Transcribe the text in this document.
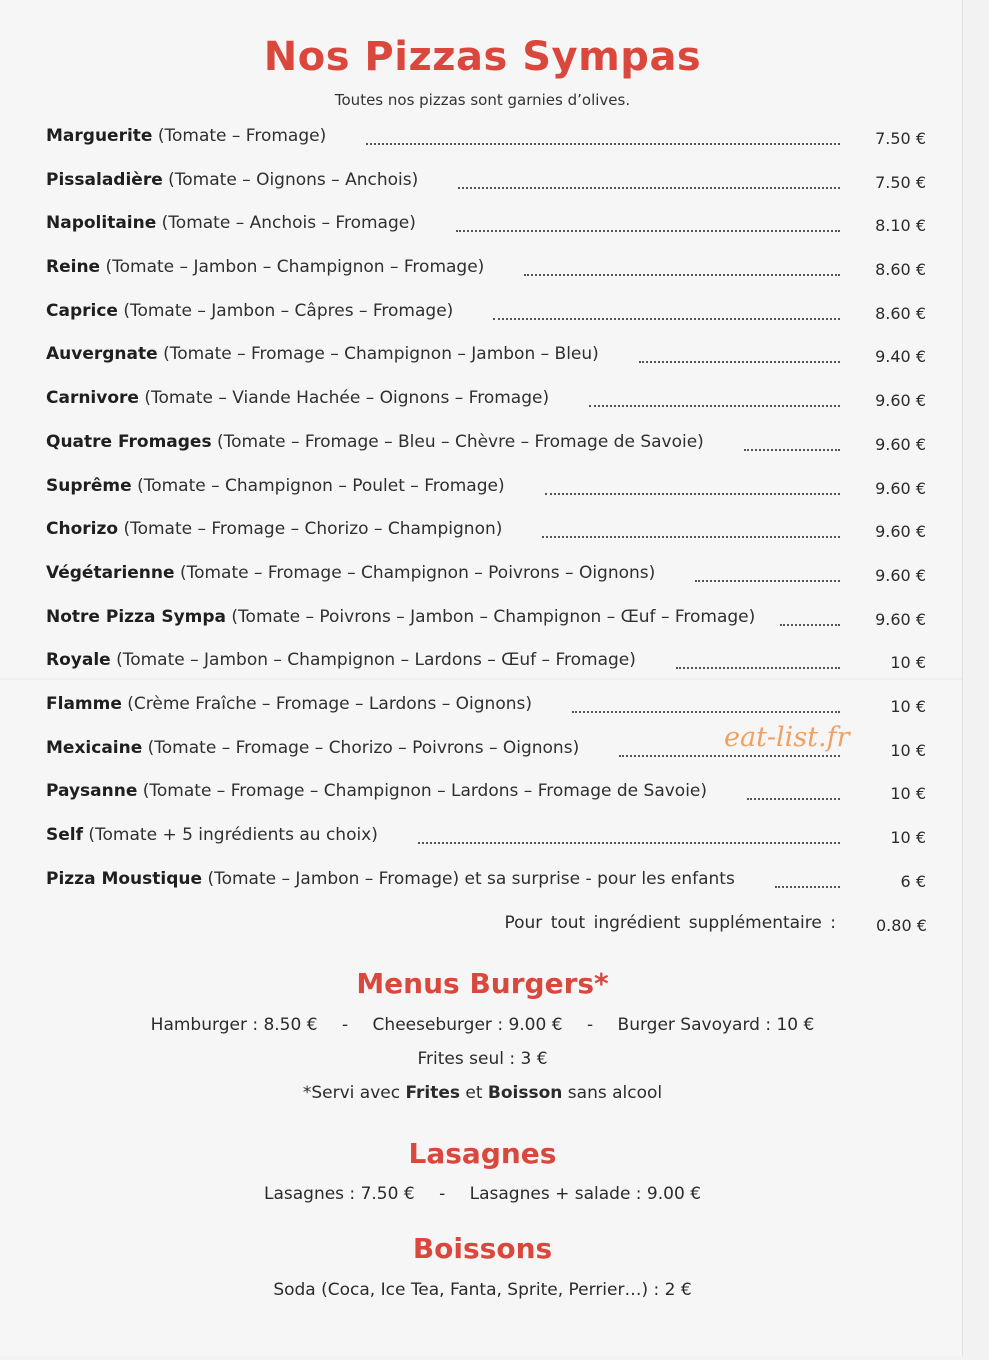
Nos Pizzas Sympas
Toutes nos pizzas sont garnies d’olives.
Marguerite (Tomate – Fromage)	7.50 €
Pissaladière (Tomate – Oignons – Anchois)	7.50 €
Napolitaine (Tomate – Anchois – Fromage)	8.10 €
Reine (Tomate – Jambon – Champignon – Fromage)	8.60 €
Caprice (Tomate – Jambon – Câpres – Fromage)	8.60 €
Auvergnate (Tomate – Fromage – Champignon – Jambon – Bleu)	9.40 €
Carnivore (Tomate – Viande Hachée – Oignons – Fromage)	9.60 €
Quatre Fromages (Tomate – Fromage – Bleu – Chèvre – Fromage de Savoie)	9.60 €
Suprême (Tomate – Champignon – Poulet – Fromage)	9.60 €
Chorizo (Tomate – Fromage – Chorizo – Champignon)	9.60 €
Végétarienne (Tomate – Fromage – Champignon – Poivrons – Oignons)	9.60 €
Notre Pizza Sympa (Tomate – Poivrons – Jambon – Champignon – Œuf – Fromage)	9.60 €
Royale (Tomate – Jambon – Champignon – Lardons – Œuf – Fromage)	10 €
Flamme (Crème Fraîche – Fromage – Lardons – Oignons)	10 €
Mexicaine (Tomate – Fromage – Chorizo – Poivrons – Oignons)	10 €
Paysanne (Tomate – Fromage – Champignon – Lardons – Fromage de Savoie)	10 €
Self (Tomate + 5 ingrédients au choix)	10 €
Pizza Moustique (Tomate – Jambon – Fromage) et sa surprise - pour les enfants	6 €
Pour tout ingrédient supplémentaire :	0.80 €
Menus Burgers*
Hamburger : 8.50 € - Cheeseburger : 9.00 € - Burger Savoyard : 10 €
Frites seul : 3 €
*Servi avec Frites et Boisson sans alcool
Lasagnes
Lasagnes : 7.50 € - Lasagnes + salade : 9.00 €
Boissons
Soda (Coca, Ice Tea, Fanta, Sprite, Perrier…) : 2 €
eat-list.fr
